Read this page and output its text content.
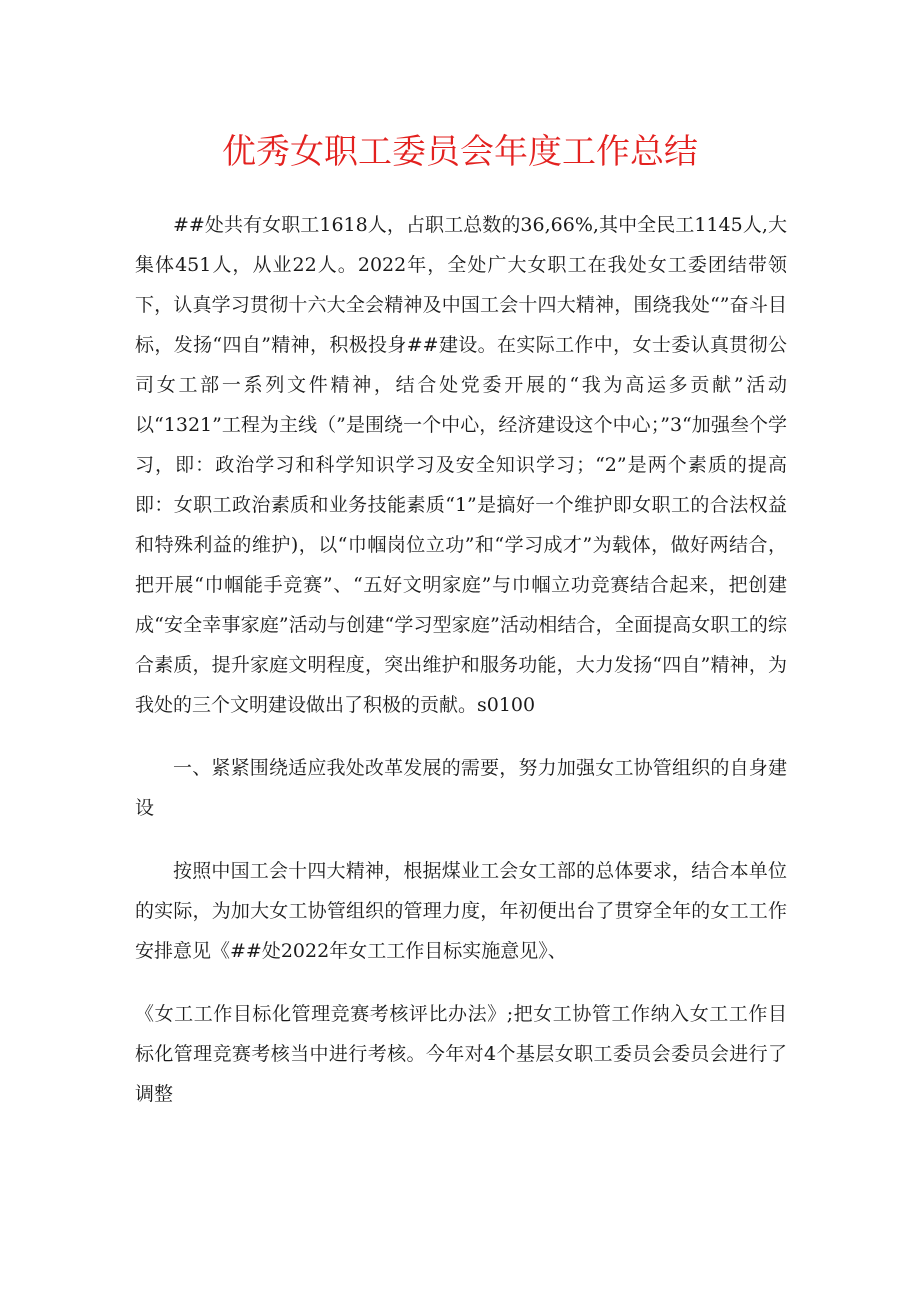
优秀女职工委员会年度工作总结

##处共有女职工1618人，占职工总数的36,66%,其中全民工1145人,大集体451人，从业22人。2022年，全处广大女职工在我处女工委团结带领下，认真学习贯彻十六大全会精神及中国工会十四大精神，围绕我处“”奋斗目标，发扬“四自”精神，积极投身##建设。在实际工作中，女士委认真贯彻公司女工部一系列文件精神，结合处党委开展的“我为高运多贡献”活动以“1321”工程为主线（”是围绕一个中心，经济建设这个中心；”3“加强叁个学习，即：政治学习和科学知识学习及安全知识学习；“2”是两个素质的提高即：女职工政治素质和业务技能素质“1”是搞好一个维护即女职工的合法权益和特殊利益的维护)，以“巾帼岗位立功”和“学习成才”为载体，做好两结合，把开展“巾帼能手竞赛”、“五好文明家庭”与巾帼立功竞赛结合起来，把创建成“安全幸事家庭”活动与创建“学习型家庭”活动相结合，全面提高女职工的综合素质，提升家庭文明程度，突出维护和服务功能，大力发扬“四自”精神，为我处的三个文明建设做出了积极的贡献。s0100

一、紧紧围绕适应我处改革发展的需要，努力加强女工协管组织的自身建设

按照中国工会十四大精神，根据煤业工会女工部的总体要求，结合本单位的实际，为加大女工协管组织的管理力度，年初便出台了贯穿全年的女工工作安排意见《##处2022年女工工作目标实施意见》、

《女工工作目标化管理竞赛考核评比办法》;把女工协管工作纳入女工工作目标化管理竞赛考核当中进行考核。今年对4个基层女职工委员会委员会进行了调整
